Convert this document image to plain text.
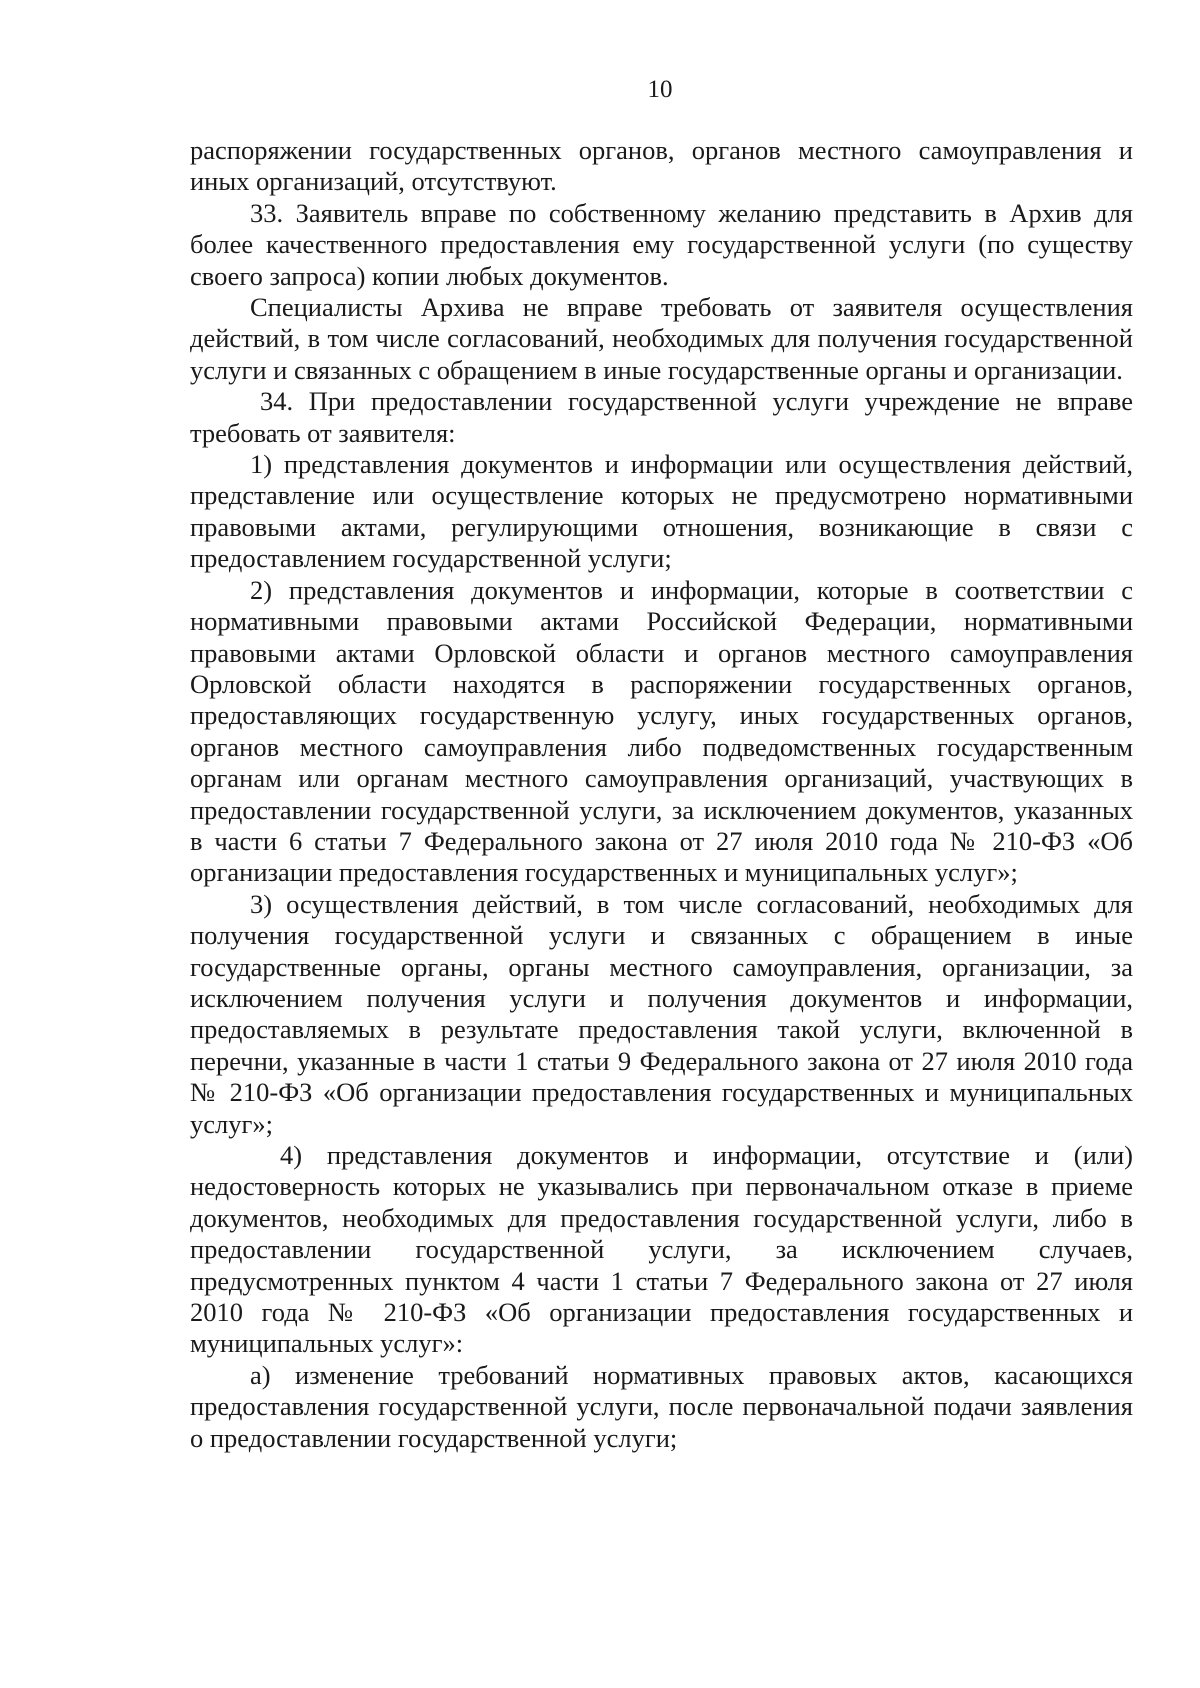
10

распоряжении государственных органов, органов местного самоуправления и иных организаций, отсутствуют.

33. Заявитель вправе по собственному желанию представить в Архив для более качественного предоставления ему государственной услуги (по существу своего запроса) копии любых документов.

Специалисты Архива не вправе требовать от заявителя осуществления действий, в том числе согласований, необходимых для получения государственной услуги и связанных с обращением в иные государственные органы и организации.

34. При предоставлении государственной услуги учреждение не вправе требовать от заявителя:

1) представления документов и информации или осуществления действий, представление или осуществление которых не предусмотрено нормативными правовыми актами, регулирующими отношения, возникающие в связи с предоставлением государственной услуги;

2) представления документов и информации, которые в соответствии с нормативными правовыми актами Российской Федерации, нормативными правовыми актами Орловской области и органов местного самоуправления Орловской области находятся в распоряжении государственных органов, предоставляющих государственную услугу, иных государственных органов, органов местного самоуправления либо подведомственных государственным органам или органам местного самоуправления организаций, участвующих в предоставлении государственной услуги, за исключением документов, указанных в части 6 статьи 7 Федерального закона от 27 июля 2010 года № 210-ФЗ «Об организации предоставления государственных и муниципальных услуг»;

3) осуществления действий, в том числе согласований, необходимых для получения государственной услуги и связанных с обращением в иные государственные органы, органы местного самоуправления, организации, за исключением получения услуги и получения документов и информации, предоставляемых в результате предоставления такой услуги, включенной в перечни, указанные в части 1 статьи 9 Федерального закона от 27 июля 2010 года № 210-ФЗ «Об организации предоставления государственных и муниципальных услуг»;

4) представления документов и информации, отсутствие и (или) недостоверность которых не указывались при первоначальном отказе в приеме документов, необходимых для предоставления государственной услуги, либо в предоставлении государственной услуги, за исключением случаев, предусмотренных пунктом 4 части 1 статьи 7 Федерального закона от 27 июля 2010 года № 210-ФЗ «Об организации предоставления государственных и муниципальных услуг»:

а) изменение требований нормативных правовых актов, касающихся предоставления государственной услуги, после первоначальной подачи заявления о предоставлении государственной услуги;
